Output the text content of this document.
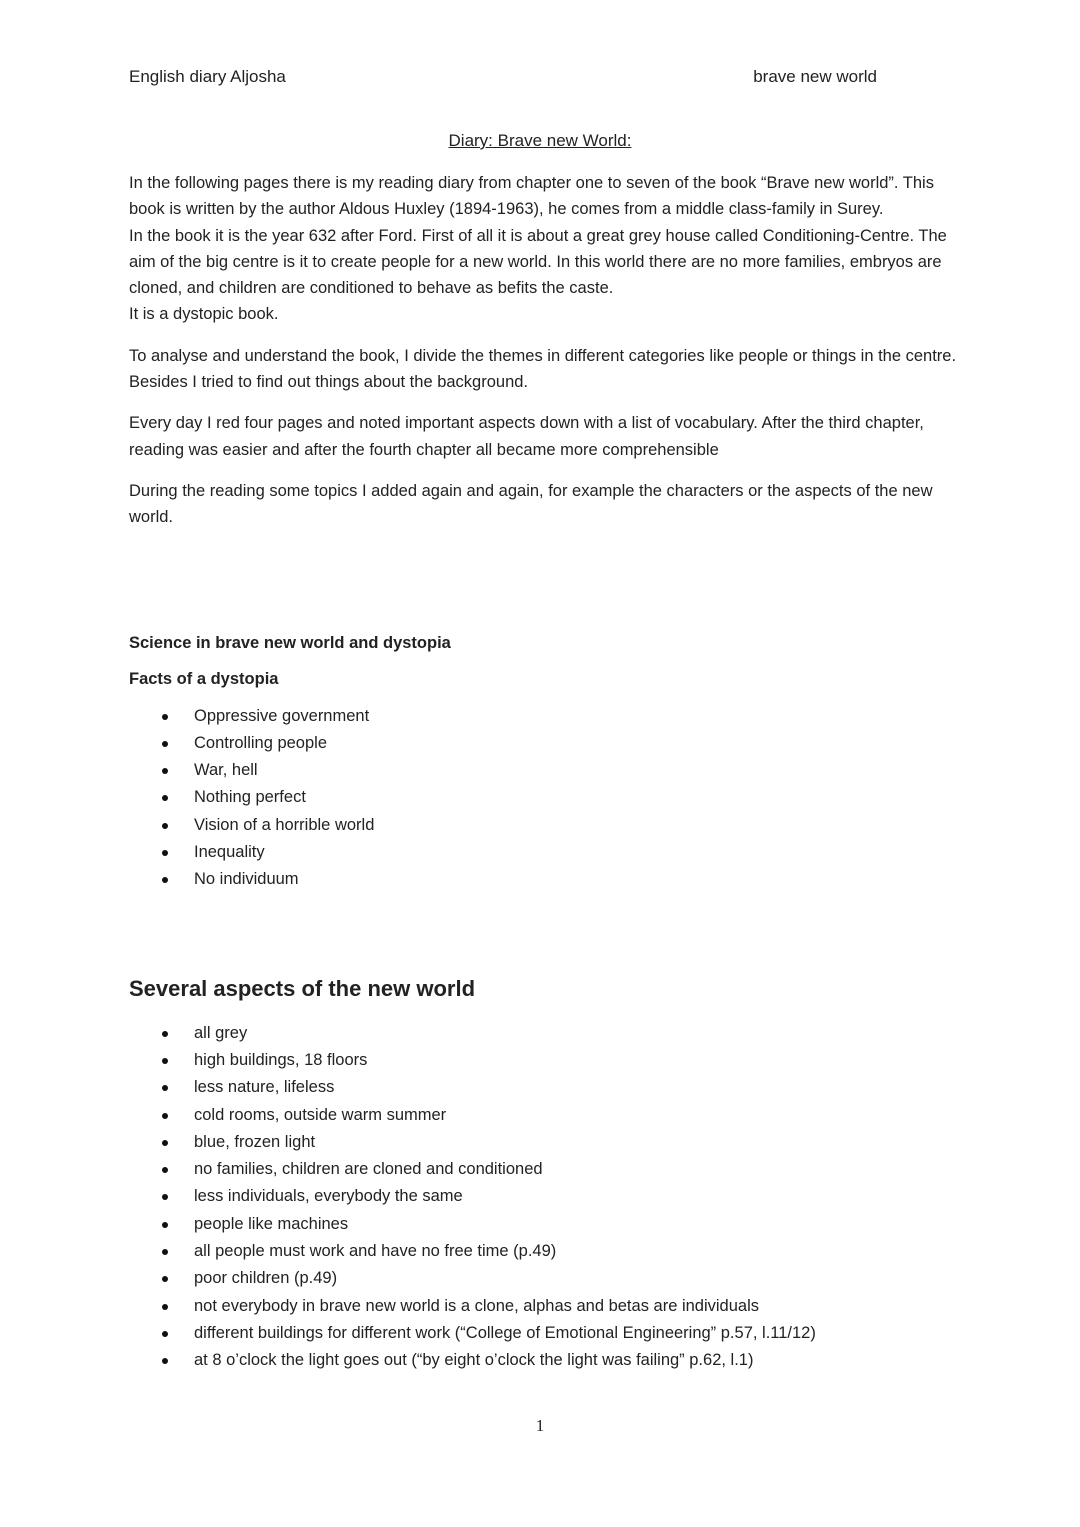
English diary Aljosha	brave new world
Diary: Brave new World:

In the following pages there is my reading diary from chapter one to seven of the book “Brave new world”. This book is written by the author Aldous Huxley (1894-1963), he comes from a middle class-family in Surey.
In the book it is the year 632 after Ford. First of all it is about a great grey house called Conditioning-Centre. The aim of the big centre is it to create people for a new world. In this world there are no more families, embryos are cloned, and children are conditioned to behave as befits the caste.
It is a dystopic book.

To analyse and understand the book, I divide the themes in different categories like people or things in the centre. Besides I tried to find out things about the background.

Every day I red four pages and noted important aspects down with a list of vocabulary. After the third chapter, reading was easier and after the fourth chapter all became more comprehensible

During the reading some topics I added again and again, for example the characters or the aspects of the new world.

Science in brave new world and dystopia

Facts of a dystopia

Oppressive government
Controlling people
War, hell
Nothing perfect
Vision of a horrible world
Inequality
No individuum

Several aspects of the new world

all grey
high buildings, 18 floors
less nature, lifeless
cold rooms, outside warm summer
blue, frozen light
no families, children are cloned and conditioned
less individuals, everybody the same
people like machines
all people must work and have no free time (p.49)
poor children (p.49)
not everybody in brave new world is a clone, alphas and betas are individuals
different buildings for different work (“College of Emotional Engineering” p.57, l.11/12)
at 8 o’clock the light goes out (“by eight o’clock the light was failing” p.62, l.1)
1
